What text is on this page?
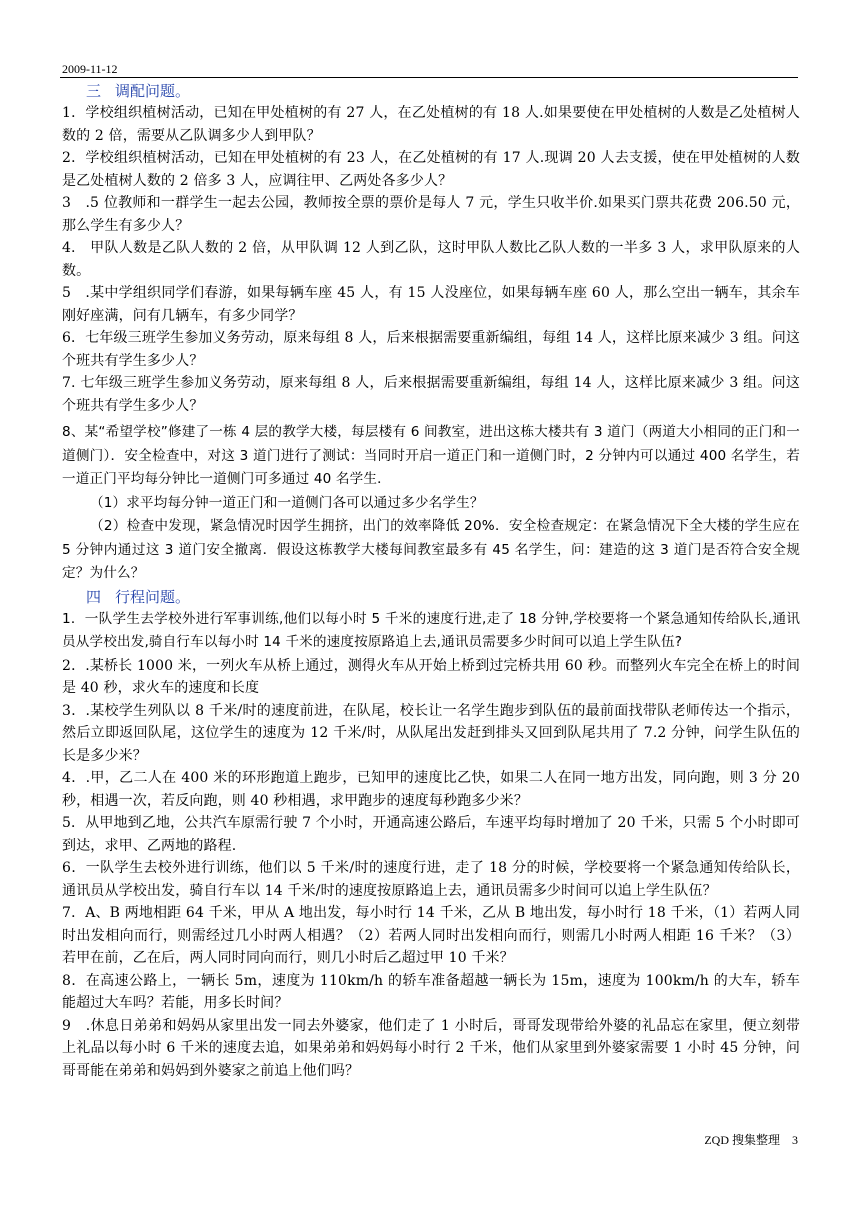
2009-11-12
三 调配问题。

1．学校组织植树活动，已知在甲处植树的有 27 人，在乙处植树的有 18 人.如果要使在甲处植树的人数是乙处植树人数的 2 倍，需要从乙队调多少人到甲队？

2．学校组织植树活动，已知在甲处植树的有 23 人，在乙处植树的有 17 人.现调 20 人去支援，使在甲处植树的人数是乙处植树人数的 2 倍多 3 人，应调往甲、乙两处各多少人？

3　.5 位教师和一群学生一起去公园，教师按全票的票价是每人 7 元，学生只收半价.如果买门票共花费 206.50 元，那么学生有多少人？

4.　甲队人数是乙队人数的 2 倍，从甲队调 12 人到乙队，这时甲队人数比乙队人数的一半多 3 人，求甲队原来的人数。

5　.某中学组织同学们春游，如果每辆车座 45 人，有 15 人没座位，如果每辆车座 60 人，那么空出一辆车，其余车刚好座满，问有几辆车，有多少同学？

6．七年级三班学生参加义务劳动，原来每组 8 人，后来根据需要重新编组，每组 14 人，这样比原来减少 3 组。问这个班共有学生多少人？

7. 七年级三班学生参加义务劳动，原来每组 8 人，后来根据需要重新编组，每组 14 人，这样比原来减少 3 组。问这个班共有学生多少人？

8、某“希望学校”修建了一栋 4 层的教学大楼，每层楼有 6 间教室，进出这栋大楼共有 3 道门（两道大小相同的正门和一道侧门）．安全检查中，对这 3 道门进行了测试：当同时开启一道正门和一道侧门时，2 分钟内可以通过 400 名学生，若一道正门平均每分钟比一道侧门可多通过 40 名学生．

（1）求平均每分钟一道正门和一道侧门各可以通过多少名学生？

（2）检查中发现，紧急情况时因学生拥挤，出门的效率降低 20%．安全检查规定：在紧急情况下全大楼的学生应在 5 分钟内通过这 3 道门安全撤离．假设这栋教学大楼每间教室最多有 45 名学生，问：建造的这 3 道门是否符合安全规定？为什么？

四 行程问题。

1．一队学生去学校外进行军事训练,他们以每小时 5 千米的速度行进,走了 18 分钟,学校要将一个紧急通知传给队长,通讯员从学校出发,骑自行车以每小时 14 千米的速度按原路追上去,通讯员需要多少时间可以追上学生队伍?

2．.某桥长 1000 米，一列火车从桥上通过，测得火车从开始上桥到过完桥共用 60 秒。而整列火车完全在桥上的时间是 40 秒，求火车的速度和长度

3．.某校学生列队以 8 千米/时的速度前进，在队尾，校长让一名学生跑步到队伍的最前面找带队老师传达一个指示，然后立即返回队尾，这位学生的速度为 12 千米/时，从队尾出发赶到排头又回到队尾共用了 7.2 分钟，问学生队伍的长是多少米？

4．.甲，乙二人在 400 米的环形跑道上跑步，已知甲的速度比乙快，如果二人在同一地方出发，同向跑，则 3 分 20 秒，相遇一次，若反向跑，则 40 秒相遇，求甲跑步的速度每秒跑多少米？

5．从甲地到乙地，公共汽车原需行驶 7 个小时，开通高速公路后，车速平均每时增加了 20 千米，只需 5 个小时即可到达，求甲、乙两地的路程.

6．一队学生去校外进行训练，他们以 5 千米/时的速度行进，走了 18 分的时候，学校要将一个紧急通知传给队长，通讯员从学校出发，骑自行车以 14 千米/时的速度按原路追上去，通讯员需多少时间可以追上学生队伍？

7．A、B 两地相距 64 千米，甲从 A 地出发，每小时行 14 千米，乙从 B 地出发，每小时行 18 千米，（1）若两人同时出发相向而行，则需经过几小时两人相遇？（2）若两人同时出发相向而行，则需几小时两人相距 16 千米？（3）若甲在前，乙在后，两人同时同向而行，则几小时后乙超过甲 10 千米？

8．在高速公路上，一辆长 5m，速度为 110km/h 的轿车准备超越一辆长为 15m，速度为 100km/h 的大车，轿车能超过大车吗？若能，用多长时间？

9　.休息日弟弟和妈妈从家里出发一同去外婆家，他们走了 1 小时后，哥哥发现带给外婆的礼品忘在家里，便立刻带上礼品以每小时 6 千米的速度去追，如果弟弟和妈妈每小时行 2 千米，他们从家里到外婆家需要 1 小时 45 分钟，问哥哥能在弟弟和妈妈到外婆家之前追上他们吗？

ZQD 搜集整理 3
